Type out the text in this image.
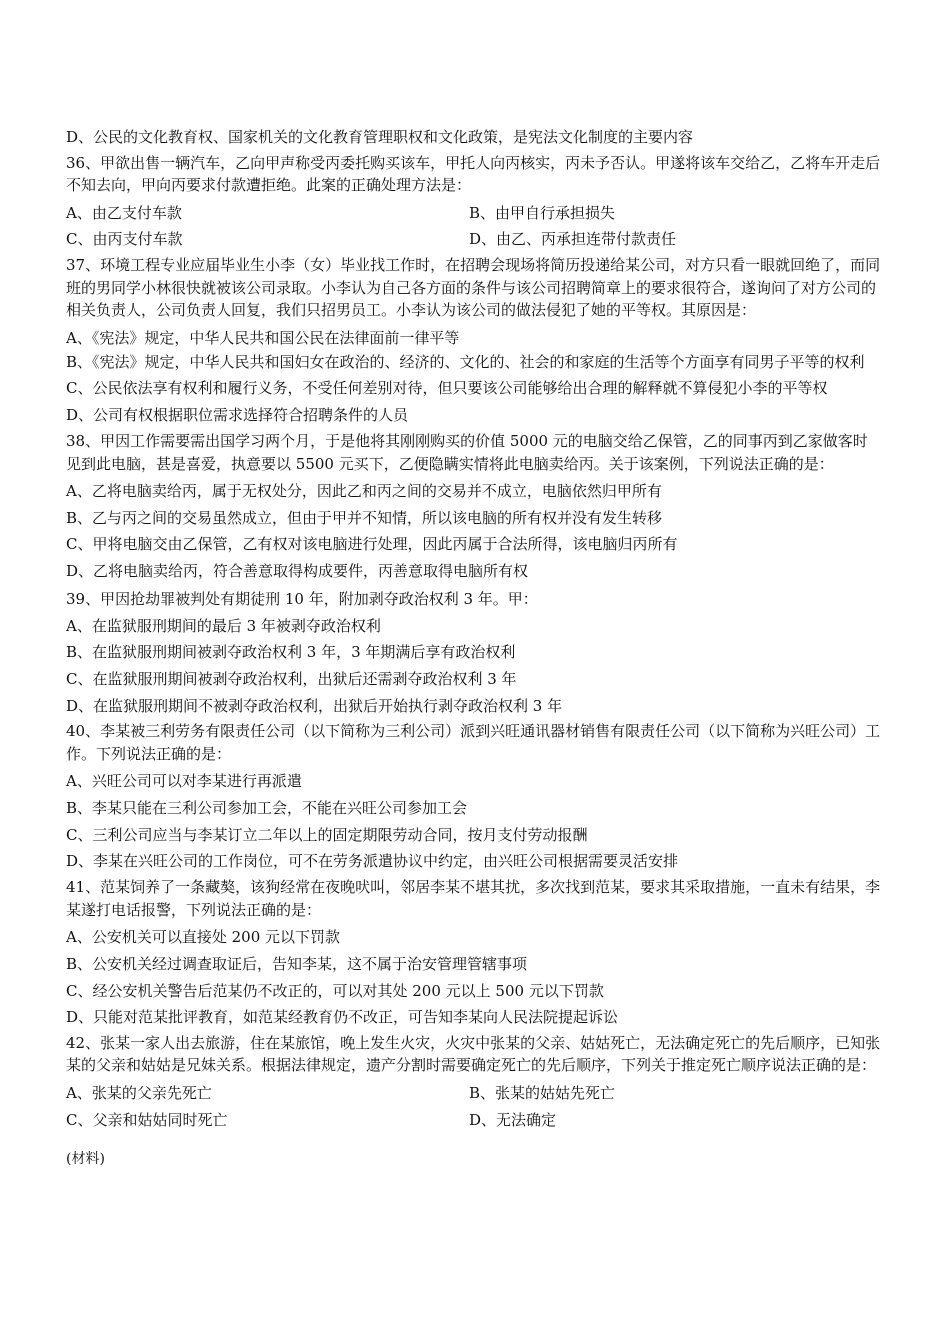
D、公民的文化教育权、国家机关的文化教育管理职权和文化政策，是宪法文化制度的主要内容

36、甲欲出售一辆汽车，乙向甲声称受丙委托购买该车，甲托人向丙核实，丙未予否认。甲遂将该车交给乙，乙将车开走后不知去向，甲向丙要求付款遭拒绝。此案的正确处理方法是：

A、由乙支付车款	B、由甲自行承担损失
C、由丙支付车款	D、由乙、丙承担连带付款责任

37、环境工程专业应届毕业生小李（女）毕业找工作时，在招聘会现场将简历投递给某公司，对方只看一眼就回绝了，而同班的男同学小林很快就被该公司录取。小李认为自己各方面的条件与该公司招聘简章上的要求很符合，遂询问了对方公司的相关负责人，公司负责人回复，我们只招男员工。小李认为该公司的做法侵犯了她的平等权。其原因是：

A、《宪法》规定，中华人民共和国公民在法律面前一律平等

B、《宪法》规定，中华人民共和国妇女在政治的、经济的、文化的、社会的和家庭的生活等个方面享有同男子平等的权利

C、公民依法享有权利和履行义务，不受任何差别对待，但只要该公司能够给出合理的解释就不算侵犯小李的平等权

D、公司有权根据职位需求选择符合招聘条件的人员

38、甲因工作需要需出国学习两个月，于是他将其刚刚购买的价值 5000 元的电脑交给乙保管，乙的同事丙到乙家做客时见到此电脑，甚是喜爱，执意要以 5500 元买下，乙便隐瞒实情将此电脑卖给丙。关于该案例，下列说法正确的是：

A、乙将电脑卖给丙，属于无权处分，因此乙和丙之间的交易并不成立，电脑依然归甲所有

B、乙与丙之间的交易虽然成立，但由于甲并不知情，所以该电脑的所有权并没有发生转移

C、甲将电脑交由乙保管，乙有权对该电脑进行处理，因此丙属于合法所得，该电脑归丙所有

D、乙将电脑卖给丙，符合善意取得构成要件，丙善意取得电脑所有权

39、甲因抢劫罪被判处有期徒刑 10 年，附加剥夺政治权利 3 年。甲：

A、在监狱服刑期间的最后 3 年被剥夺政治权利

B、在监狱服刑期间被剥夺政治权利 3 年，3 年期满后享有政治权利

C、在监狱服刑期间被剥夺政治权利，出狱后还需剥夺政治权利 3 年

D、在监狱服刑期间不被剥夺政治权利，出狱后开始执行剥夺政治权利 3 年

40、李某被三利劳务有限责任公司（以下简称为三利公司）派到兴旺通讯器材销售有限责任公司（以下简称为兴旺公司）工作。下列说法正确的是：

A、兴旺公司可以对李某进行再派遣

B、李某只能在三利公司参加工会，不能在兴旺公司参加工会

C、三利公司应当与李某订立二年以上的固定期限劳动合同，按月支付劳动报酬

D、李某在兴旺公司的工作岗位，可不在劳务派遣协议中约定，由兴旺公司根据需要灵活安排

41、范某饲养了一条藏獒，该狗经常在夜晚吠叫，邻居李某不堪其扰，多次找到范某，要求其采取措施，一直未有结果，李某遂打电话报警，下列说法正确的是：

A、公安机关可以直接处 200 元以下罚款

B、公安机关经过调查取证后，告知李某，这不属于治安管理管辖事项

C、经公安机关警告后范某仍不改正的，可以对其处 200 元以上 500 元以下罚款

D、只能对范某批评教育，如范某经教育仍不改正，可告知李某向人民法院提起诉讼

42、张某一家人出去旅游，住在某旅馆，晚上发生火灾，火灾中张某的父亲、姑姑死亡，无法确定死亡的先后顺序，已知张某的父亲和姑姑是兄妹关系。根据法律规定，遗产分割时需要确定死亡的先后顺序，下列关于推定死亡顺序说法正确的是：

A、张某的父亲先死亡	B、张某的姑姑先死亡
C、父亲和姑姑同时死亡	D、无法确定

(材料)
